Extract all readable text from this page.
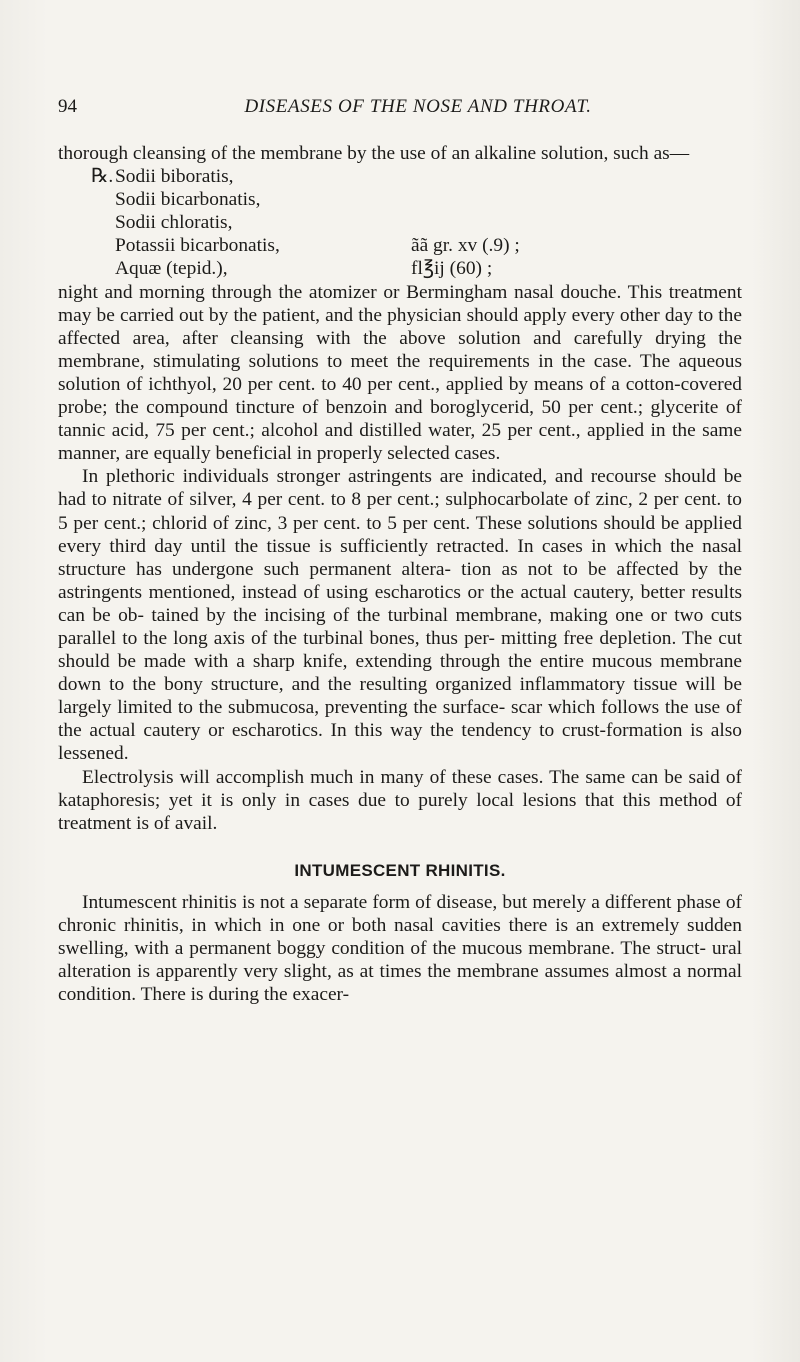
94	DISEASES OF THE NOSE AND THROAT.

thorough cleansing of the membrane by the use of an alkaline solution, such as—

℞. Sodii biboratis,
Sodii bicarbonatis,
Sodii chloratis,
Potassii bicarbonatis,	ãã gr. xv (.9) ;
Aquæ (tepid.),	fl℥ij (60) ;

night and morning through the atomizer or Bermingham nasal douche. This treatment may be carried out by the patient, and the physician should apply every other day to the affected area, after cleansing with the above solution and carefully drying the membrane, stimulating solutions to meet the requirements in the case. The aqueous solution of ichthyol, 20 per cent. to 40 per cent., applied by means of a cotton-covered probe; the compound tincture of benzoin and boroglycerid, 50 per cent.; glycerite of tannic acid, 75 per cent.; alcohol and distilled water, 25 per cent., applied in the same manner, are equally beneficial in properly selected cases.

In plethoric individuals stronger astringents are indicated, and recourse should be had to nitrate of silver, 4 per cent. to 8 per cent.; sulphocarbolate of zinc, 2 per cent. to 5 per cent.; chlorid of zinc, 3 per cent. to 5 per cent. These solutions should be applied every third day until the tissue is sufficiently retracted. In cases in which the nasal structure has undergone such permanent altera- tion as not to be affected by the astringents mentioned, instead of using escharotics or the actual cautery, better results can be ob- tained by the incising of the turbinal membrane, making one or two cuts parallel to the long axis of the turbinal bones, thus per- mitting free depletion. The cut should be made with a sharp knife, extending through the entire mucous membrane down to the bony structure, and the resulting organized inflammatory tissue will be largely limited to the submucosa, preventing the surface- scar which follows the use of the actual cautery or escharotics. In this way the tendency to crust-formation is also lessened.

Electrolysis will accomplish much in many of these cases. The same can be said of kataphoresis; yet it is only in cases due to purely local lesions that this method of treatment is of avail.

INTUMESCENT RHINITIS.

Intumescent rhinitis is not a separate form of disease, but merely a different phase of chronic rhinitis, in which in one or both nasal cavities there is an extremely sudden swelling, with a permanent boggy condition of the mucous membrane. The struct- ural alteration is apparently very slight, as at times the membrane assumes almost a normal condition. There is during the exacer-
